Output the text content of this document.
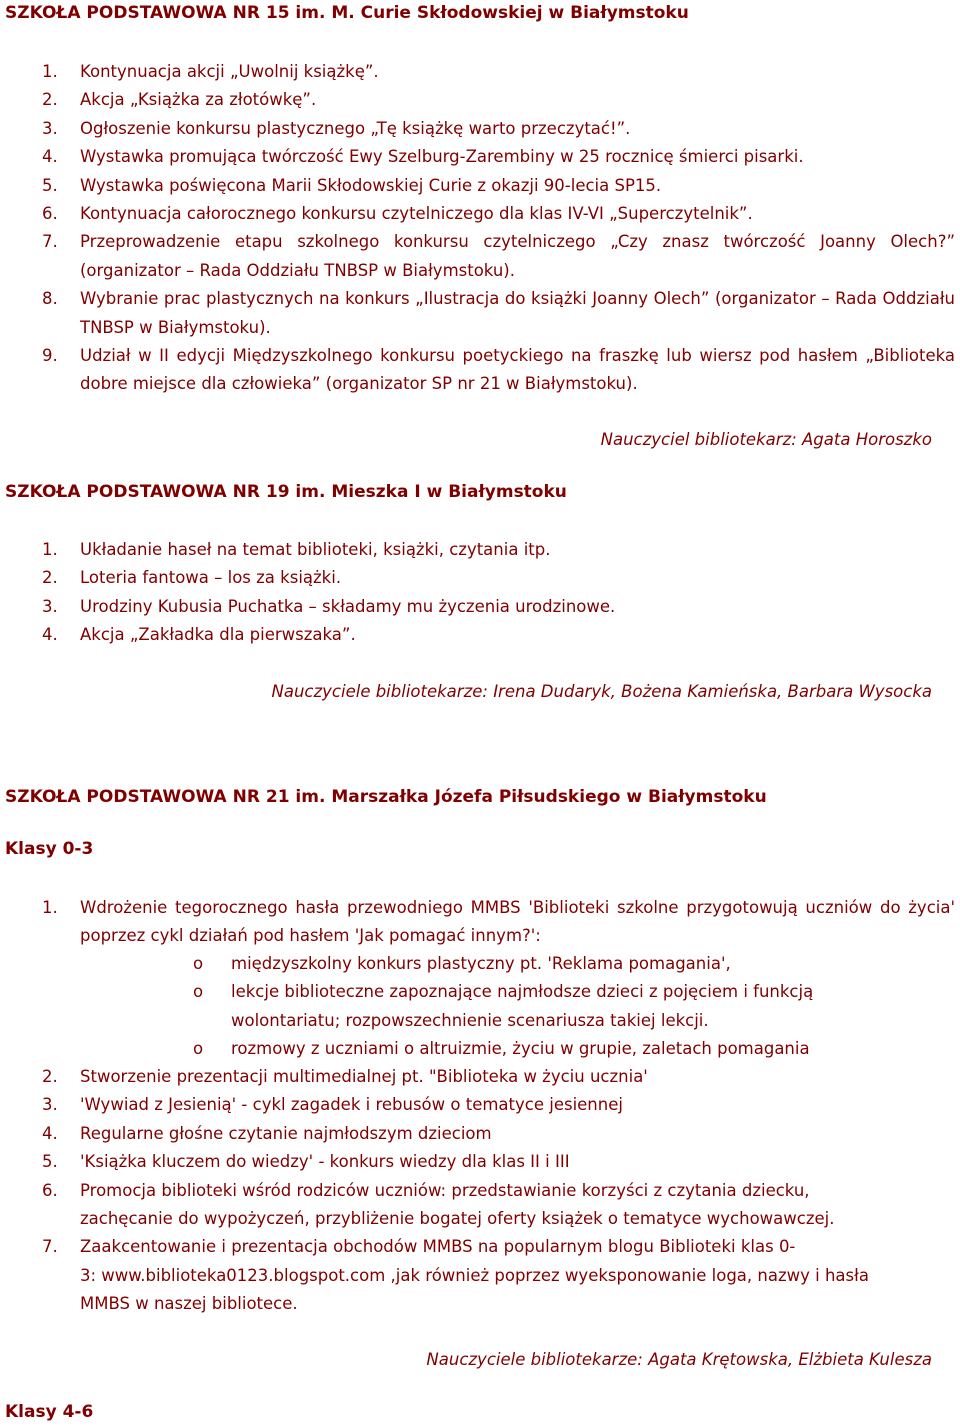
SZKOŁA PODSTAWOWA NR 15 im. M. Curie Skłodowskiej w Białymstoku
1. Kontynuacja akcji „Uwolnij książkę”.
2. Akcja „Książka za złotówkę”.
3. Ogłoszenie konkursu plastycznego „Tę książkę warto przeczytać!”.
4. Wystawka promująca twórczość Ewy Szelburg-Zarembiny w 25 rocznicę śmierci pisarki.
5. Wystawka poświęcona Marii Skłodowskiej Curie z okazji 90-lecia SP15.
6. Kontynuacja całorocznego konkursu czytelniczego dla klas IV-VI „Superczytelnik”.
7. Przeprowadzenie etapu szkolnego konkursu czytelniczego „Czy znasz twórczość Joanny Olech?” (organizator – Rada Oddziału TNBSP w Białymstoku).
8. Wybranie prac plastycznych na konkurs „Ilustracja do książki Joanny Olech” (organizator – Rada Oddziału TNBSP w Białymstoku).
9. Udział w II edycji Międzyszkolnego konkursu poetyckiego na fraszkę lub wiersz pod hasłem „Biblioteka dobre miejsce dla człowieka” (organizator SP nr 21 w Białymstoku).
Nauczyciel bibliotekarz: Agata Horoszko
SZKOŁA PODSTAWOWA NR 19 im. Mieszka I w Białymstoku
1. Układanie haseł na temat biblioteki, książki, czytania itp.
2. Loteria fantowa – los za książki.
3. Urodziny Kubusia Puchatka – składamy mu życzenia urodzinowe.
4. Akcja „Zakładka dla pierwszaka”.
Nauczyciele bibliotekarze: Irena Dudaryk, Bożena Kamieńska, Barbara Wysocka
SZKOŁA PODSTAWOWA NR 21 im. Marszałka Józefa Piłsudskiego w Białymstoku
Klasy 0-3
1. Wdrożenie tegorocznego hasła przewodniego MMBS 'Biblioteki szkolne przygotowują uczniów do życia' poprzez cykl działań pod hasłem 'Jak pomagać innym?':
o międzyszkolny konkurs plastyczny pt. 'Reklama pomagania',
o lekcje biblioteczne zapoznające najmłodsze dzieci z pojęciem i funkcją wolontariatu; rozpowszechnienie scenariusza takiej lekcji.
o rozmowy z uczniami o altruizmie, życiu w grupie, zaletach pomagania
2. Stworzenie prezentacji multimedialnej pt. "Biblioteka w życiu ucznia'
3. 'Wywiad z Jesienią' - cykl zagadek i rebusów o tematyce jesiennej
4. Regularne głośne czytanie najmłodszym dzieciom
5. 'Książka kluczem do wiedzy' - konkurs wiedzy dla klas II i III
6. Promocja biblioteki wśród rodziców uczniów: przedstawianie korzyści z czytania dziecku, zachęcanie do wypożyczeń, przybliżenie bogatej oferty książek o tematyce wychowawczej.
7. Zaakcentowanie i prezentacja obchodów MMBS na popularnym blogu Biblioteki klas 0-
3: www.biblioteka0123.blogspot.com ,jak również poprzez wyeksponowanie loga, nazwy i hasła
MMBS w naszej bibliotece.
Nauczyciele bibliotekarze: Agata Krętowska, Elżbieta Kulesza
Klasy 4-6
